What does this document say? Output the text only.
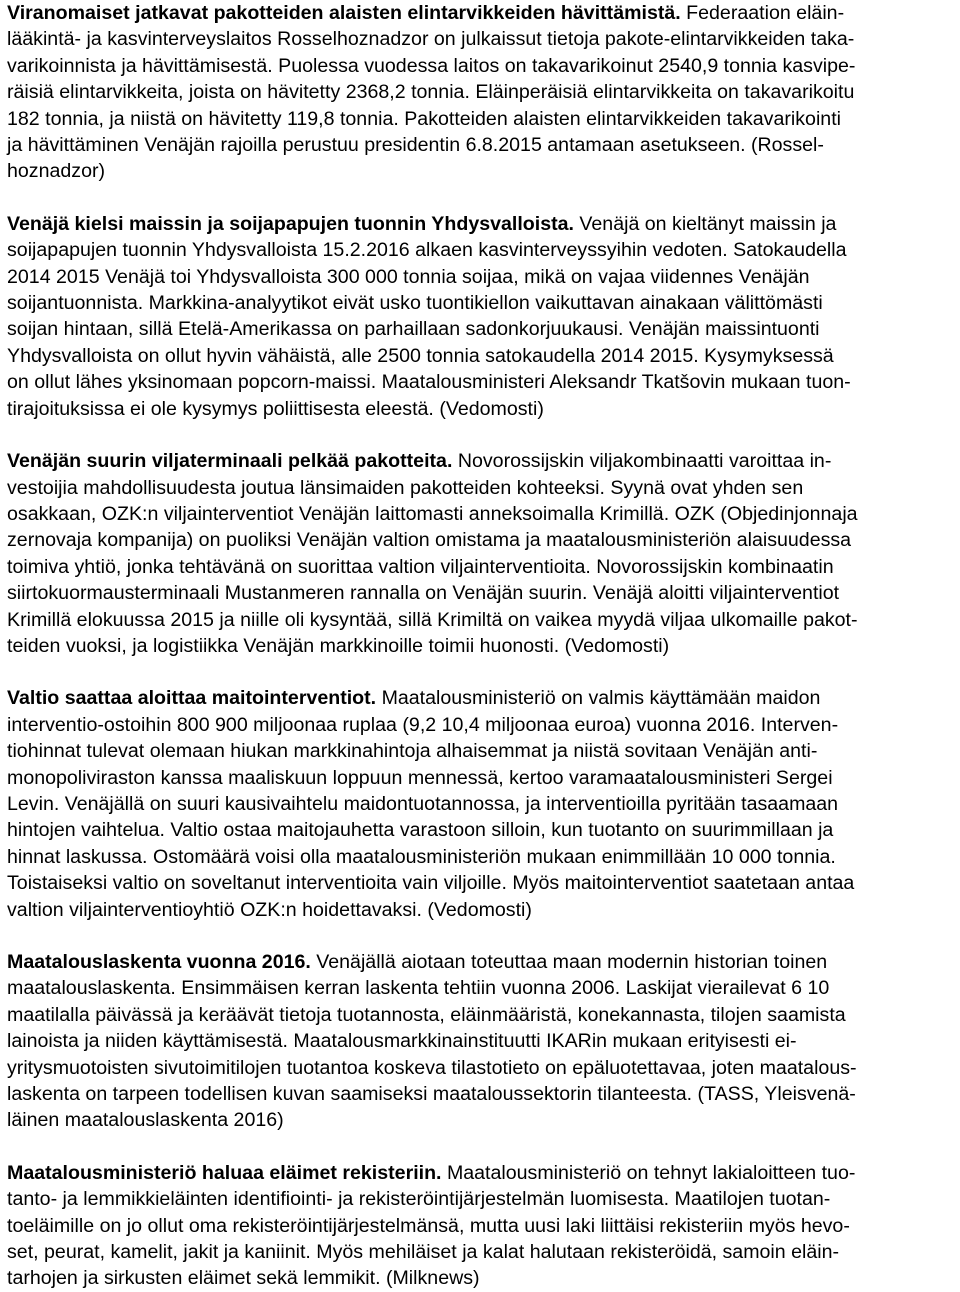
Viranomaiset jatkavat pakotteiden alaisten elintarvikkeiden hävittämistä. Federaation eläin-
lääkintä- ja kasvinterveyslaitos Rosselhoznadzor on julkaissut tietoja pakote-elintarvikkeiden taka-
varikoinnista ja hävittämisestä. Puolessa vuodessa laitos on takavarikoinut 2540,9 tonnia kasvipe-
räisiä elintarvikkeita, joista on hävitetty 2368,2 tonnia. Eläinperäisiä elintarvikkeita on takavarikoitu
182 tonnia, ja niistä on hävitetty 119,8 tonnia. Pakotteiden alaisten elintarvikkeiden takavarikointi
ja hävittäminen Venäjän rajoilla perustuu presidentin 6.8.2015 antamaan asetukseen. (Rossel-
hoznadzor)
Venäjä kielsi maissin ja soijapapujen tuonnin Yhdysvalloista. Venäjä on kieltänyt maissin ja
soijapapujen tuonnin Yhdysvalloista 15.2.2016 alkaen kasvinterveyssyihin vedoten. Satokaudella
2014 2015 Venäjä toi Yhdysvalloista 300 000 tonnia soijaa, mikä on vajaa viidennes Venäjän
soijantuonnista. Markkina-analyytikot eivät usko tuontikiellon vaikuttavan ainakaan välittömästi
soijan hintaan, sillä Etelä-Amerikassa on parhaillaan sadonkorjuukausi. Venäjän maissintuonti
Yhdysvalloista on ollut hyvin vähäistä, alle 2500 tonnia satokaudella 2014 2015. Kysymyksessä
on ollut lähes yksinomaan popcorn-maissi. Maatalousministeri Aleksandr Tkatšovin mukaan tuon-
tirajoituksissa ei ole kysymys poliittisesta eleestä. (Vedomosti)
Venäjän suurin viljaterminaali pelkää pakotteita. Novorossijskin viljakombinaatti varoittaa in-
vestoijia mahdollisuudesta joutua länsimaiden pakotteiden kohteeksi. Syynä ovat yhden sen
osakkaan, OZK:n viljainterventiot Venäjän laittomasti anneksoimalla Krimillä. OZK (Objedinjonnaja
zernovaja kompanija) on puoliksi Venäjän valtion omistama ja maatalousministeriön alaisuudessa
toimiva yhtiö, jonka tehtävänä on suorittaa valtion viljainterventioita. Novorossijskin kombinaatin
siirtokuormausterminaali Mustanmeren rannalla on Venäjän suurin. Venäjä aloitti viljainterventiot
Krimillä elokuussa 2015 ja niille oli kysyntää, sillä Krimiltä on vaikea myydä viljaa ulkomaille pakot-
teiden vuoksi, ja logistiikka Venäjän markkinoille toimii huonosti. (Vedomosti)
Valtio saattaa aloittaa maitointerventiot. Maatalousministeriö on valmis käyttämään maidon
interventio-ostoihin 800 900 miljoonaa ruplaa (9,2 10,4 miljoonaa euroa) vuonna 2016. Interven-
tiohinnat tulevat olemaan hiukan markkinahintoja alhaisemmat ja niistä sovitaan Venäjän anti-
monopoliviraston kanssa maaliskuun loppuun mennessä, kertoo varamaatalousministeri Sergei
Levin. Venäjällä on suuri kausivaihtelu maidontuotannossa, ja interventioilla pyritään tasaamaan
hintojen vaihtelua. Valtio ostaa maitojauhetta varastoon silloin, kun tuotanto on suurimmillaan ja
hinnat laskussa. Ostomäärä voisi olla maatalousministeriön mukaan enimmillään 10 000 tonnia.
Toistaiseksi valtio on soveltanut interventioita vain viljoille. Myös maitointerventiot saatetaan antaa
valtion viljainterventioyhtiö OZK:n hoidettavaksi. (Vedomosti)
Maatalouslaskenta vuonna 2016. Venäjällä aiotaan toteuttaa maan modernin historian toinen
maatalouslaskenta. Ensimmäisen kerran laskenta tehtiin vuonna 2006. Laskijat vierailevat 6 10
maatilalla päivässä ja keräävät tietoja tuotannosta, eläinmääristä, konekannasta, tilojen saamista
lainoista ja niiden käyttämisestä. Maatalousmarkkinainstituutti IKARin mukaan erityisesti ei-
yritysmuotoisten sivutoimitilojen tuotantoa koskeva tilastotieto on epäluotettavaa, joten maatalous-
laskenta on tarpeen todellisen kuvan saamiseksi maataloussektorin tilanteesta. (TASS, Yleisvenä-
läinen maatalouslaskenta 2016)
Maatalousministeriö haluaa eläimet rekisteriin. Maatalousministeriö on tehnyt lakialoitteen tuo-
tanto- ja lemmikkieläinten identifiointi- ja rekisteröintijärjestelmän luomisesta. Maatilojen tuotan-
toeläimille on jo ollut oma rekisteröintijärjestelmänsä, mutta uusi laki liittäisi rekisteriin myös hevo-
set, peurat, kamelit, jakit ja kaniinit. Myös mehiläiset ja kalat halutaan rekisteröidä, samoin eläin-
tarhojen ja sirkusten eläimet sekä lemmikit. (Milknews)
